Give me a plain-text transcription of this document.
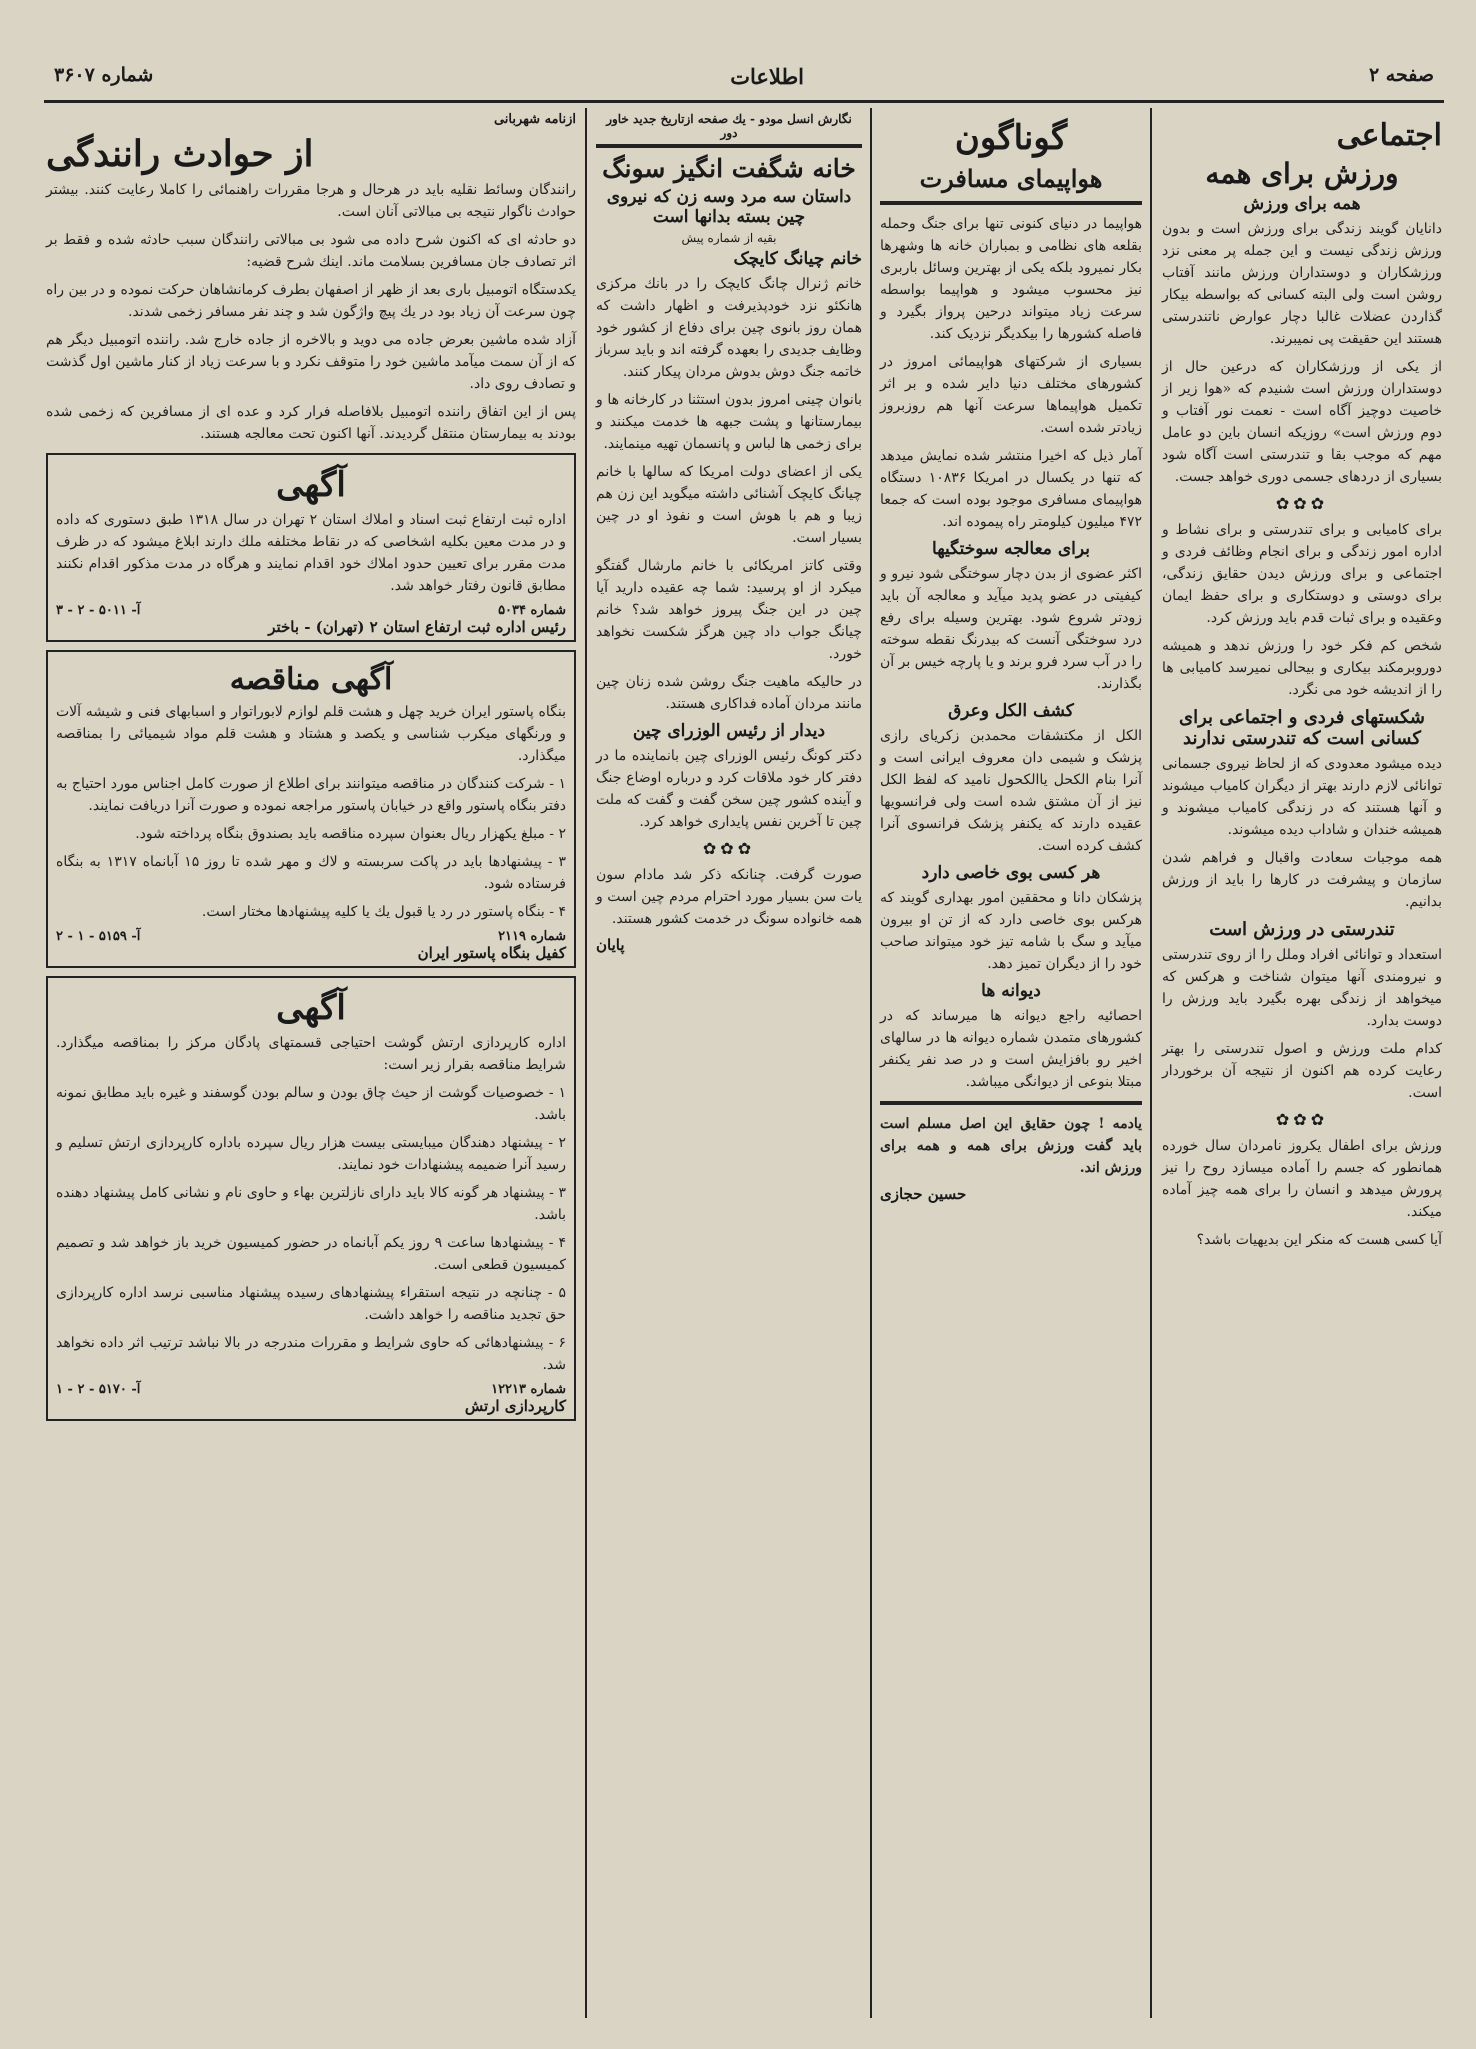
صفحه ۲
اطلاعات
شماره ۳۶۰۷
اجتماعی
ورزش برای همه
همه برای ورزش

دانایان گویند زندگی برای ورزش است و بدون ورزش زندگی نیست و این جمله پر معنی نزد ورزشکاران و دوستداران ورزش مانند آفتاب روشن است ولی البته کسانی که بواسطه بیکار گذاردن عضلات غالبا دچار عوارض ناتندرستی هستند این حقیقت پی نمیبرند.

از یکی از ورزشکاران که درعین حال از دوستداران ورزش است شنیدم که «هوا زیر از خاصیت دوچیز آگاه است - نعمت نور آفتاب و دوم ورزش است» روزیکه انسان باین دو عامل مهم که موجب بقا و تندرستی است آگاه شود بسیاری از دردهای جسمی دوری خواهد جست.

✿✿✿

برای کامیابی و برای تندرستی و برای نشاط و اداره امور زندگی و برای انجام وظائف فردی و اجتماعی و برای ورزش دیدن حقایق زندگی، برای دوستی و دوستکاری و برای حفظ ایمان وعقیده و برای ثبات قدم باید ورزش کرد.

شخص کم فکر خود را ورزش ندهد و همیشه دوروبرمکند بیکاری و بیحالی نمیرسد کامیابی ها را از اندیشه خود می نگرد.

شکستهای فردی و اجتماعی برای کسانی است که تندرستی ندارند

دیده میشود معدودی که از لحاظ نیروی جسمانی توانائی لازم دارند بهتر از دیگران کامیاب میشوند و آنها هستند که در زندگی کامیاب میشوند و همیشه خندان و شاداب دیده میشوند.

همه موجبات سعادت واقبال و فراهم شدن سازمان و پیشرفت در کارها را باید از ورزش بدانیم.

تندرستی در ورزش است

استعداد و توانائی افراد وملل را از روی تندرستی و نیرومندی آنها میتوان شناخت و هرکس که میخواهد از زندگی بهره بگیرد باید ورزش را دوست بدارد.

کدام ملت ورزش و اصول تندرستی را بهتر رعایت کرده هم اکنون از نتیجه آن برخوردار است.

✿✿✿

ورزش برای اطفال یکروز نامردان سال خورده همانطور که جسم را آماده میسازد روح را نیز پرورش میدهد و انسان را برای همه چیز آماده میکند.

آیا کسی هست که منکر این بدیهیات باشد؟

گوناگون
هواپیمای مسافرت

هواپیما در دنیای کنونی تنها برای جنگ وحمله بقلعه های نظامی و بمباران خانه ها وشهرها بکار نمیرود بلکه یکی از بهترین وسائل باربری نیز محسوب میشود و هواپیما بواسطه سرعت زیاد میتواند درحین پرواز بگیرد و فاصله کشورها را بیکدیگر نزدیک کند.

بسیاری از شرکتهای هواپیمائی امروز در کشورهای مختلف دنیا دایر شده و بر اثر تکمیل هواپیماها سرعت آنها هم روزبروز زیادتر شده است.

آمار ذیل که اخیرا منتشر شده نمایش میدهد که تنها در یکسال در امریکا ۱۰۸۳۶ دستگاه هواپیمای مسافری موجود بوده است که جمعا ۴۷۲ میلیون کیلومتر راه پیموده اند.

برای معالجه سوختگیها

اکثر عضوی از بدن دچار سوختگی شود نیرو و کیفیتی در عضو پدید میآید و معالجه آن باید زودتر شروع شود. بهترین وسیله برای رفع درد سوختگی آنست که بیدرنگ نقطه سوخته را در آب سرد فرو برند و یا پارچه خیس بر آن بگذارند.

کشف الکل وعرق

الکل از مکتشفات محمدبن زکریای رازی پزشک و شیمی دان معروف ایرانی است و آنرا بنام الکحل یاالکحول نامید که لفظ الکل نیز از آن مشتق شده است ولی فرانسویها عقیده دارند که یکنفر پزشک فرانسوی آنرا کشف کرده است.

هر کسی بوی خاصی دارد

پزشکان دانا و محققین امور بهداری گویند که هرکس بوی خاصی دارد که از تن او بیرون میآید و سگ با شامه تیز خود میتواند صاحب خود را از دیگران تمیز دهد.

دیوانه ها

احصائیه راجع دیوانه ها میرساند که در کشورهای متمدن شماره دیوانه ها در سالهای اخیر رو بافزایش است و در صد نفر یکنفر مبتلا بنوعی از دیوانگی میباشد.

یادمه ! چون حقایق این اصل مسلم است باید گفت ورزش برای همه و همه برای ورزش اند.

حسین حجازی
نگارش انسل مودو - یك صفحه ازتاریخ جدید خاور دور
خانه شگفت انگیز سونگ
داستان سه مرد وسه زن که نیروی چین بسته بدانها است
بقیه از شماره پیش
خانم چیانگ کایچک

خانم ژنرال چانگ کایچک را در بانك مرکزی هانکئو نزد خودپذیرفت و اظهار داشت که همان روز بانوی چین برای دفاع از کشور خود وظایف جدیدی را بعهده گرفته اند و باید سرباز خاتمه جنگ دوش بدوش مردان پیکار کنند.

بانوان چینی امروز بدون استثنا در کارخانه ها و بیمارستانها و پشت جبهه ها خدمت میکنند و برای زخمی ها لباس و پانسمان تهیه مینمایند.

یکی از اعضای دولت امریکا که سالها با خانم چیانگ کایچک آشنائی داشته میگوید این زن هم زیبا و هم با هوش است و نفوذ او در چین بسیار است.

وقتی کاتز امریکائی با خانم مارشال گفتگو میکرد از او پرسید: شما چه عقیده دارید آیا چین در این جنگ پیروز خواهد شد؟ خانم چیانگ جواب داد چین هرگز شکست نخواهد خورد.

در حالیکه ماهیت جنگ روشن شده زنان چین مانند مردان آماده فداکاری هستند.

دیدار از رئیس الوزرای چین

دکتر کونگ رئیس الوزرای چین بانماینده ما در دفتر کار خود ملاقات کرد و درباره اوضاع جنگ و آینده کشور چین سخن گفت و گفت که ملت چین تا آخرین نفس پایداری خواهد کرد.

✿✿✿

صورت گرفت. چنانکه ذکر شد مادام سون یات سن بسیار مورد احترام مردم چین است و همه خانواده سونگ در خدمت کشور هستند.

پایان
ازنامه شهربانی
از حوادث رانندگی

رانندگان وسائط نقلیه باید در هرحال و هرجا مقررات راهنمائی را کاملا رعایت کنند. بیشتر حوادث ناگوار نتیجه بی مبالاتی آنان است.

دو حادثه ای که اکنون شرح داده می شود بی مبالاتی رانندگان سبب حادثه شده و فقط بر اثر تصادف جان مسافرین بسلامت ماند. اینك شرح قضیه:

یکدستگاه اتومبیل باری بعد از ظهر از اصفهان بطرف کرمانشاهان حرکت نموده و در بین راه چون سرعت آن زیاد بود در یك پیچ واژگون شد و چند نفر مسافر زخمی شدند.

آزاد شده ماشین بعرض جاده می دوید و بالاخره از جاده خارج شد. راننده اتومبیل دیگر هم که از آن سمت میآمد ماشین خود را متوقف نکرد و با سرعت زیاد از کنار ماشین اول گذشت و تصادف روی داد.

پس از این اتفاق راننده اتومبیل بلافاصله فرار کرد و عده ای از مسافرین که زخمی شده بودند به بیمارستان منتقل گردیدند. آنها اکنون تحت معالجه هستند.

آگهی

اداره ثبت ارتفاع ثبت اسناد و املاك استان ۲ تهران در سال ۱۳۱۸ طبق دستوری که داده و در مدت معین بکلیه اشخاصی که در نقاط مختلفه ملك دارند ابلاغ میشود که در ظرف مدت مقرر برای تعیین حدود املاك خود اقدام نمایند و هرگاه در مدت مذکور اقدام نکنند مطابق قانون رفتار خواهد شد.

شماره ۵۰۳۴
آ- ۵۰۱۱ - ۲ - ۳
رئیس اداره ثبت ارتفاع استان ۲ (تهران) - باختر
آگهی مناقصه

بنگاه پاستور ایران خرید چهل و هشت قلم لوازم لابوراتوار و اسبابهای فنی و شیشه آلات و ورنگهای میکرب شناسی و یکصد و هشتاد و هشت قلم مواد شیمیائی را بمناقصه میگذارد.

۱ - شرکت کنندگان در مناقصه میتوانند برای اطلاع از صورت کامل اجناس مورد احتیاج به دفتر بنگاه پاستور واقع در خیابان پاستور مراجعه نموده و صورت آنرا دریافت نمایند.

۲ - مبلغ یکهزار ریال بعنوان سپرده مناقصه باید بصندوق بنگاه پرداخته شود.

۳ - پیشنهادها باید در پاکت سربسته و لاك و مهر شده تا روز ۱۵ آبانماه ۱۳۱۷ به بنگاه فرستاده شود.

۴ - بنگاه پاستور در رد یا قبول یك یا کلیه پیشنهادها مختار است.

شماره ۲۱۱۹
آ- ۵۱۵۹ - ۱ - ۲
کفیل بنگاه پاستور ایران
آگهی

اداره کارپردازی ارتش گوشت احتیاجی قسمتهای پادگان مرکز را بمناقصه میگذارد. شرایط مناقصه بقرار زیر است:

۱ - خصوصیات گوشت از حیث چاق بودن و سالم بودن گوسفند و غیره باید مطابق نمونه باشد.

۲ - پیشنهاد دهندگان میبایستی بیست هزار ریال سپرده باداره کارپردازی ارتش تسلیم و رسید آنرا ضمیمه پیشنهادات خود نمایند.

۳ - پیشنهاد هر گونه کالا باید دارای نازلترین بهاء و حاوی نام و نشانی کامل پیشنهاد دهنده باشد.

۴ - پیشنهادها ساعت ۹ روز یکم آبانماه در حضور کمیسیون خرید باز خواهد شد و تصمیم کمیسیون قطعی است.

۵ - چنانچه در نتیجه استقراء پیشنهادهای رسیده پیشنهاد مناسبی نرسد اداره کارپردازی حق تجدید مناقصه را خواهد داشت.

۶ - پیشنهادهائی که حاوی شرایط و مقررات مندرجه در بالا نباشد ترتیب اثر داده نخواهد شد.

شماره ۱۲۲۱۳
آ- ۵۱۷۰ - ۲ - ۱
کارپردازی ارتش
